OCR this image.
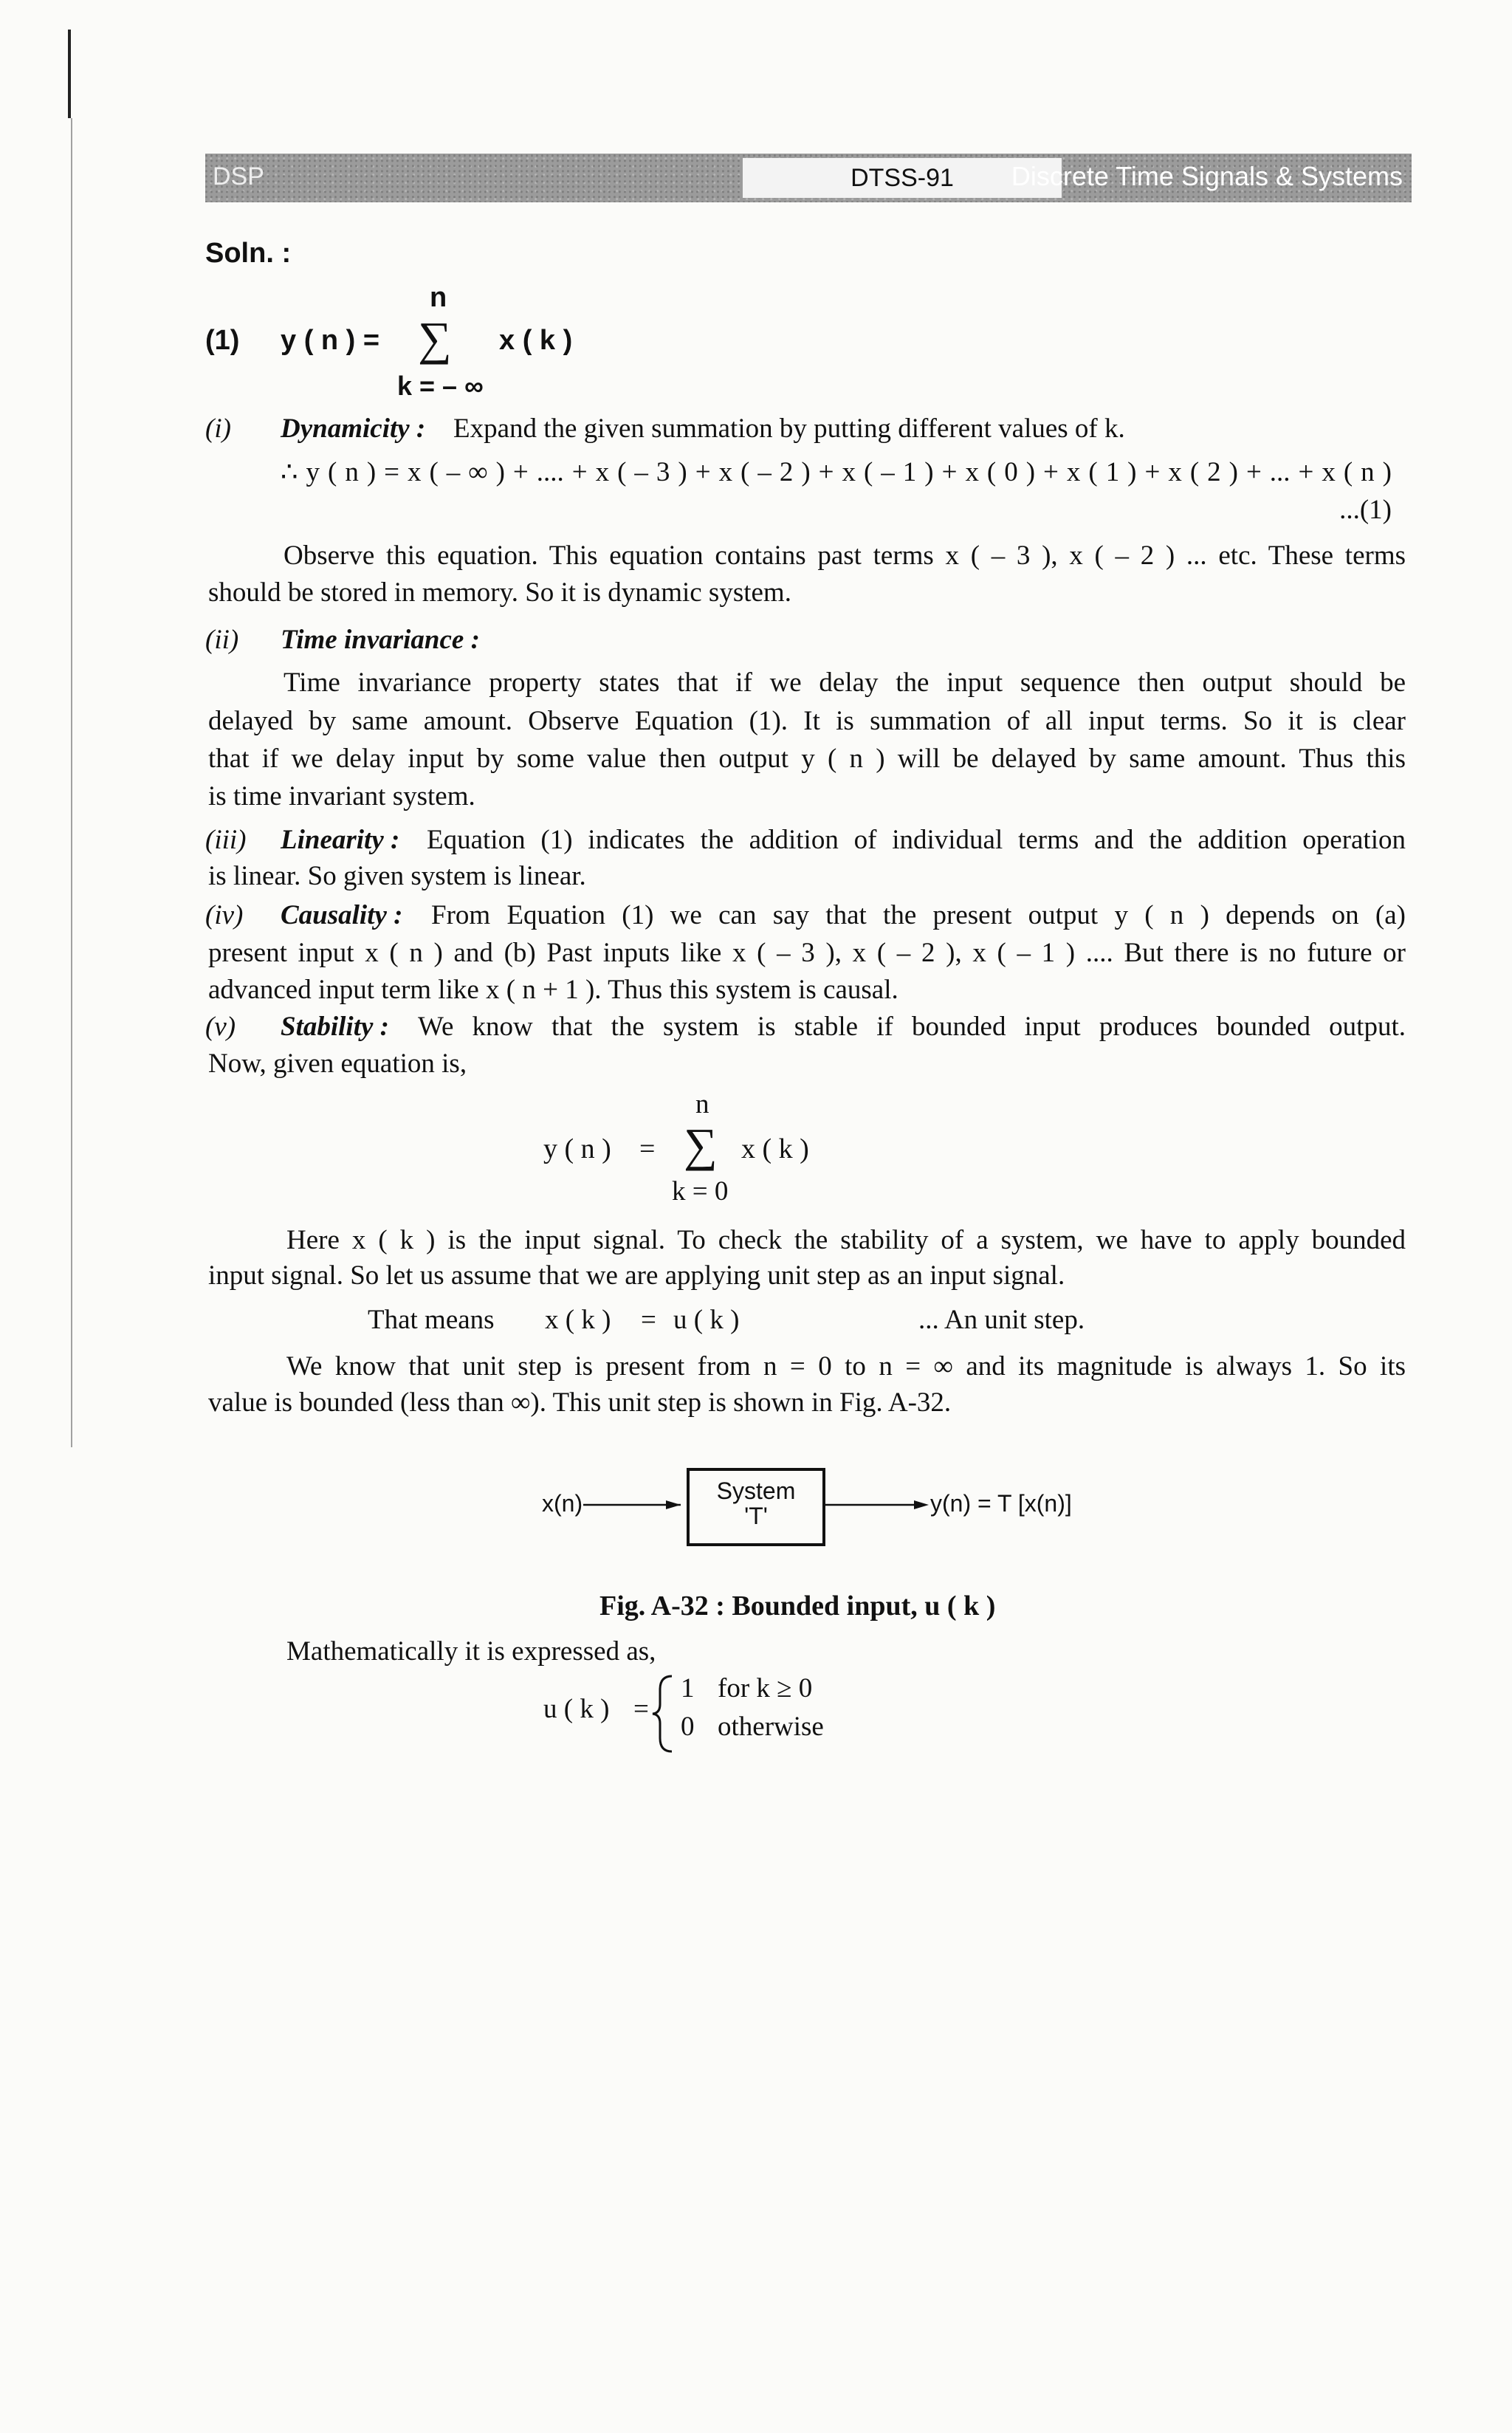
DSP	DTSS-91	Discrete Time Signals & Systems
Soln. :
(1) y ( n ) =
n
∑ x ( k )
k = – ∞
(i) Dynamicity : Expand the given summation by putting different values of k.
∴ y ( n ) = x ( – ∞ ) + .... + x ( – 3 ) + x ( – 2 ) + x ( – 1 ) + x ( 0 ) + x ( 1 ) + x ( 2 ) + ... + x ( n )
...(1)
Observe this equation. This equation contains past terms x ( – 3 ), x ( – 2 ) ... etc. These terms
should be stored in memory. So it is dynamic system.
(ii) Time invariance :
Time invariance property states that if we delay the input sequence then output should be
delayed by same amount. Observe Equation (1). It is summation of all input terms. So it is clear
that if we delay input by some value then output y ( n ) will be delayed by same amount. Thus this
is time invariant system.
(iii) Linearity : Equation (1) indicates the addition of individual terms and the addition operation
is linear. So given system is linear.
(iv) Causality : From Equation (1) we can say that the present output y ( n ) depends on (a)
present input x ( n ) and (b) Past inputs like x ( – 3 ), x ( – 2 ), x ( – 1 ) .... But there is no future or
advanced input term like x ( n + 1 ). Thus this system is causal.
(v) Stability : We know that the system is stable if bounded input produces bounded output.
Now, given equation is,
n
y ( n ) = ∑ x ( k )
k = 0
Here x ( k ) is the input signal. To check the stability of a system, we have to apply bounded
input signal. So let us assume that we are applying unit step as an input signal.
That means x ( k ) = u ( k )	... An unit step.
We know that unit step is present from n = 0 to n = ∞ and its magnitude is always 1. So its
value is bounded (less than ∞). This unit step is shown in Fig. A-32.
x(n)	System
'T'	y(n) = T [x(n)]
Fig. A-32 : Bounded input, u ( k )
Mathematically it is expressed as,
u ( k ) =
1 for k ≥ 0
0 otherwise
